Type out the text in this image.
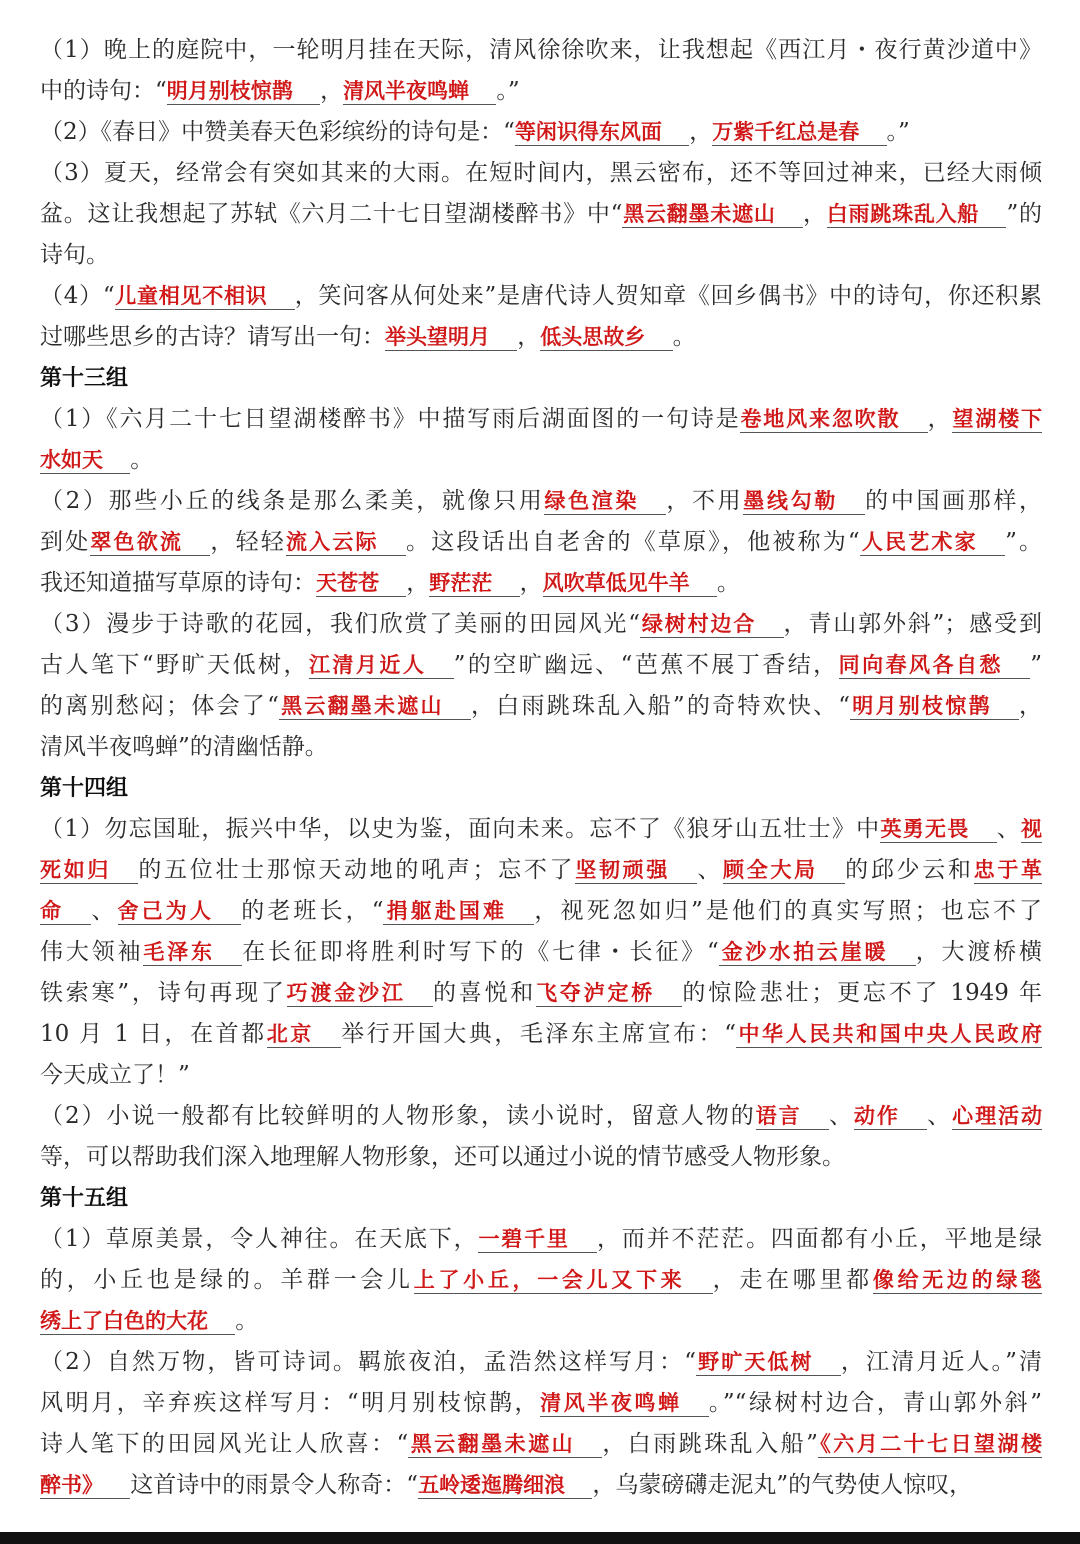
（1）晚上的庭院中，一轮明月挂在天际，清风徐徐吹来，让我想起《西江月・夜行黄沙道中》
中的诗句：“明月别枝惊鹊 ，清风半夜鸣蝉 。”
（2）《春日》中赞美春天色彩缤纷的诗句是：“等闲识得东风面 ，万紫千红总是春 。”
（3）夏天，经常会有突如其来的大雨。在短时间内，黑云密布，还不等回过神来，已经大雨倾
盆。这让我想起了苏轼《六月二十七日望湖楼醉书》中“黑云翻墨未遮山 ，白雨跳珠乱入船 ”的
诗句。
（4）“儿童相见不相识 ，笑问客从何处来”是唐代诗人贺知章《回乡偶书》中的诗句，你还积累
过哪些思乡的古诗？请写出一句：举头望明月 ，低头思故乡 。
第十三组
（1）《六月二十七日望湖楼醉书》中描写雨后湖面图的一句诗是卷地风来忽吹散 ，望湖楼下
水如天 。
（2）那些小丘的线条是那么柔美，就像只用绿色渲染 ，不用墨线勾勒 的中国画那样，
到处翠色欲流 ，轻轻流入云际 。这段话出自老舍的《草原》，他被称为“人民艺术家 ”。
我还知道描写草原的诗句：天苍苍 ，野茫茫 ，风吹草低见牛羊 。
（3）漫步于诗歌的花园，我们欣赏了美丽的田园风光“绿树村边合 ，青山郭外斜”；感受到
古人笔下“野旷天低树，江清月近人 ”的空旷幽远、“芭蕉不展丁香结，同向春风各自愁 ”
的离别愁闷；体会了“黑云翻墨未遮山 ，白雨跳珠乱入船”的奇特欢快、“明月别枝惊鹊 ，
清风半夜鸣蝉”的清幽恬静。
第十四组
（1）勿忘国耻，振兴中华，以史为鉴，面向未来。忘不了《狼牙山五壮士》中英勇无畏 、视
死如归 的五位壮士那惊天动地的吼声；忘不了坚韧顽强 、顾全大局 的邱少云和忠于革
命 、舍己为人 的老班长，“捐躯赴国难 ，视死忽如归”是他们的真实写照；也忘不了
伟大领袖毛泽东 在长征即将胜利时写下的《七律・长征》“金沙水拍云崖暖 ，大渡桥横
铁索寒”，诗句再现了巧渡金沙江 的喜悦和飞夺泸定桥 的惊险悲壮；更忘不了 1949 年
10 月 1 日，在首都北京 举行开国大典，毛泽东主席宣布：“中华人民共和国中央人民政府
今天成立了！”
（2）小说一般都有比较鲜明的人物形象，读小说时，留意人物的语言 、动作 、心理活动
等，可以帮助我们深入地理解人物形象，还可以通过小说的情节感受人物形象。
第十五组
（1）草原美景，令人神往。在天底下，一碧千里 ，而并不茫茫。四面都有小丘，平地是绿
的，小丘也是绿的。羊群一会儿上了小丘，一会儿又下来 ，走在哪里都像给无边的绿毯
绣上了白色的大花 。
（2）自然万物，皆可诗词。羁旅夜泊，孟浩然这样写月：“野旷天低树 ，江清月近人。”清
风明月，辛弃疾这样写月：“明月别枝惊鹊，清风半夜鸣蝉 。”“绿树村边合，青山郭外斜”
诗人笔下的田园风光让人欣喜：“黑云翻墨未遮山 ，白雨跳珠乱入船”《六月二十七日望湖楼
醉书》 这首诗中的雨景令人称奇：“五岭逶迤腾细浪 ，乌蒙磅礴走泥丸”的气势使人惊叹，
